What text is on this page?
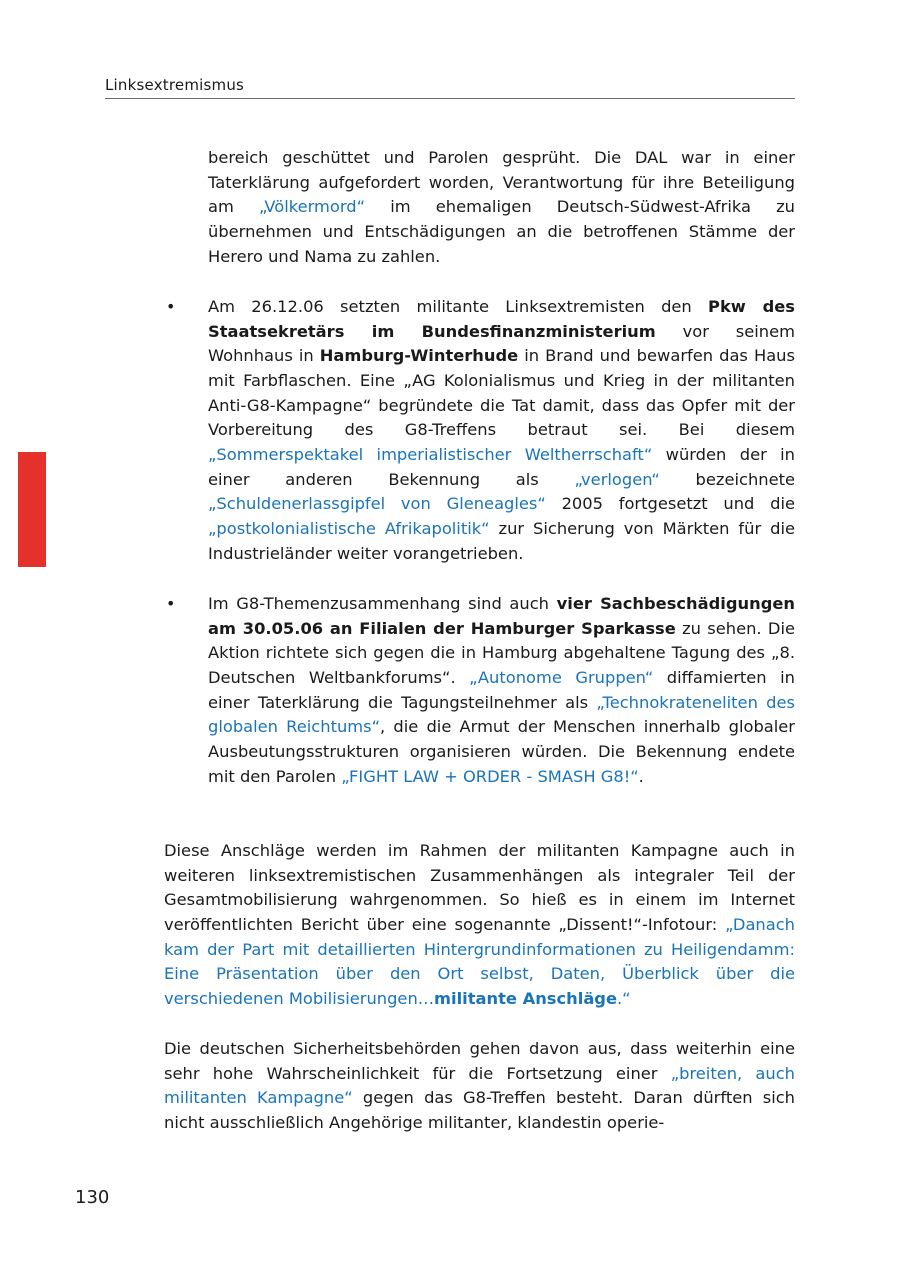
Linksextremismus

bereich geschüttet und Parolen gesprüht. Die DAL war in einer Taterklärung aufgefordert worden, Verantwortung für ihre Beteiligung am „Völkermord“ im ehemaligen Deutsch-Südwest-Afrika zu übernehmen und Entschädigungen an die betroffenen Stämme der Herero und Nama zu zahlen.

• Am 26.12.06 setzten militante Linksextremisten den Pkw des Staatsekretärs im Bundesfinanzministerium vor seinem Wohnhaus in Hamburg-Winterhude in Brand und bewarfen das Haus mit Farbflaschen. Eine „AG Kolonialismus und Krieg in der militanten Anti-G8-Kampagne“ begründete die Tat damit, dass das Opfer mit der Vorbereitung des G8-Treffens betraut sei. Bei diesem „Sommerspektakel imperialistischer Weltherrschaft“ würden der in einer anderen Bekennung als „verlogen“ bezeichnete „Schuldenerlassgipfel von Gleneagles“ 2005 fortgesetzt und die „postkolonialistische Afrikapolitik“ zur Sicherung von Märkten für die Industrieländer weiter vorangetrieben.

• Im G8-Themenzusammenhang sind auch vier Sachbeschädigungen am 30.05.06 an Filialen der Hamburger Sparkasse zu sehen. Die Aktion richtete sich gegen die in Hamburg abgehaltene Tagung des „8. Deutschen Weltbankforums“. „Autonome Gruppen“ diffamierten in einer Taterklärung die Tagungsteilnehmer als „Technokrateneliten des globalen Reichtums“, die die Armut der Menschen innerhalb globaler Ausbeutungsstrukturen organisieren würden. Die Bekennung endete mit den Parolen „FIGHT LAW + ORDER - SMASH G8!“.

Diese Anschläge werden im Rahmen der militanten Kampagne auch in weiteren linksextremistischen Zusammenhängen als integraler Teil der Gesamtmobilisierung wahrgenommen. So hieß es in einem im Internet veröffentlichten Bericht über eine sogenannte „Dissent!“-Infotour: „Danach kam der Part mit detaillierten Hintergrundinformationen zu Heiligendamm: Eine Präsentation über den Ort selbst, Daten, Überblick über die verschiedenen Mobilisierungen…militante Anschläge.“

Die deutschen Sicherheitsbehörden gehen davon aus, dass weiterhin eine sehr hohe Wahrscheinlichkeit für die Fortsetzung einer „breiten, auch militanten Kampagne“ gegen das G8-Treffen besteht. Daran dürften sich nicht ausschließlich Angehörige militanter, klandestin operie-

130
